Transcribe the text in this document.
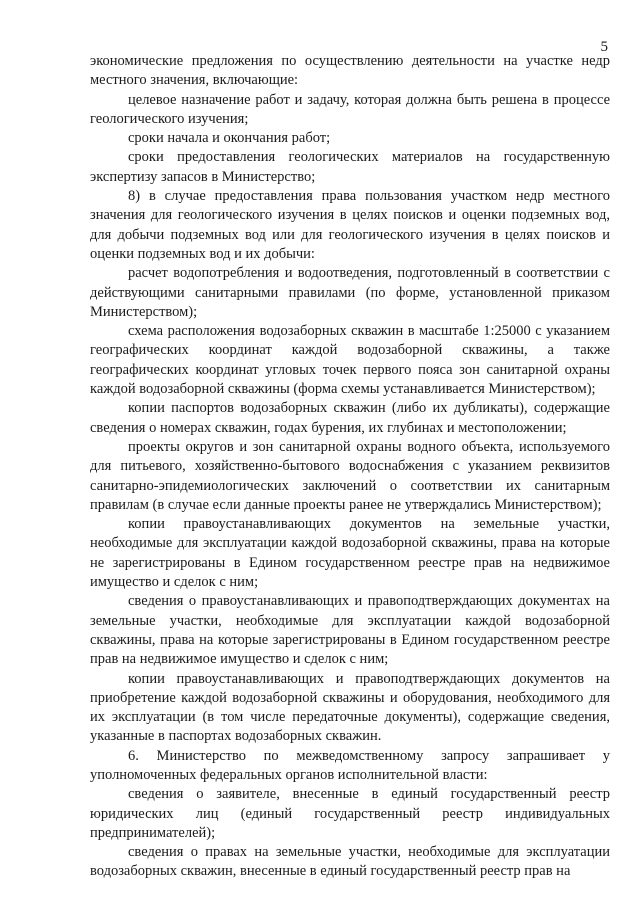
5

экономические предложения по осуществлению деятельности на участке недр местного значения, включающие:

целевое назначение работ и задачу, которая должна быть решена в процессе геологического изучения;

сроки начала и окончания работ;

сроки предоставления геологических материалов на государственную экспертизу запасов в Министерство;

8) в случае предоставления права пользования участком недр местного значения для геологического изучения в целях поисков и оценки подземных вод, для добычи подземных вод или для геологического изучения в целях поисков и оценки подземных вод и их добычи:

расчет водопотребления и водоотведения, подготовленный в соответствии с действующими санитарными правилами (по форме, установленной приказом Министерством);

схема расположения водозаборных скважин в масштабе 1:25000 с указанием географических координат каждой водозаборной скважины, а также географических координат угловых точек первого пояса зон санитарной охраны каждой водозаборной скважины (форма схемы устанавливается Министерством);

копии паспортов водозаборных скважин (либо их дубликаты), содержащие сведения о номерах скважин, годах бурения, их глубинах и местоположении;

проекты округов и зон санитарной охраны водного объекта, используемого для питьевого, хозяйственно-бытового водоснабжения с указанием реквизитов санитарно-эпидемиологических заключений о соответствии их санитарным правилам (в случае если данные проекты ранее не утверждались Министерством);

копии правоустанавливающих документов на земельные участки, необходимые для эксплуатации каждой водозаборной скважины, права на которые не зарегистрированы в Едином государственном реестре прав на недвижимое имущество и сделок с ним;

сведения о правоустанавливающих и правоподтверждающих документах на земельные участки, необходимые для эксплуатации каждой водозаборной скважины, права на которые зарегистрированы в Едином государственном реестре прав на недвижимое имущество и сделок с ним;

копии правоустанавливающих и правоподтверждающих документов на приобретение каждой водозаборной скважины и оборудования, необходимого для их эксплуатации (в том числе передаточные документы), содержащие сведения, указанные в паспортах водозаборных скважин.

6. Министерство по межведомственному запросу запрашивает у уполномоченных федеральных органов исполнительной власти:

сведения о заявителе, внесенные в единый государственный реестр юридических лиц (единый государственный реестр индивидуальных предпринимателей);

сведения о правах на земельные участки, необходимые для эксплуатации водозаборных скважин, внесенные в единый государственный реестр прав на
